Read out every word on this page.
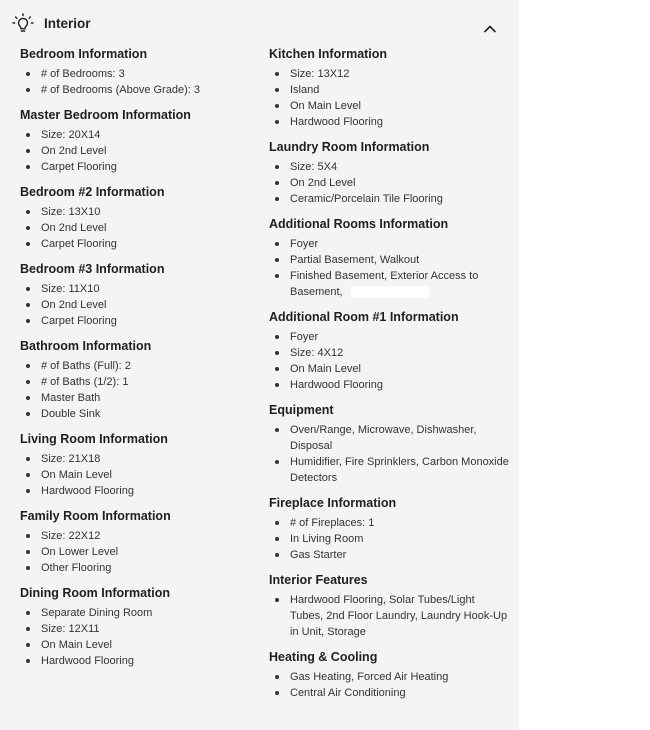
Interior
Bedroom Information
# of Bedrooms: 3
# of Bedrooms (Above Grade): 3
Master Bedroom Information
Size: 20X14
On 2nd Level
Carpet Flooring
Bedroom #2 Information
Size: 13X10
On 2nd Level
Carpet Flooring
Bedroom #3 Information
Size: 11X10
On 2nd Level
Carpet Flooring
Bathroom Information
# of Baths (Full): 2
# of Baths (1/2): 1
Master Bath
Double Sink
Living Room Information
Size: 21X18
On Main Level
Hardwood Flooring
Family Room Information
Size: 22X12
On Lower Level
Other Flooring
Dining Room Information
Separate Dining Room
Size: 12X11
On Main Level
Hardwood Flooring
Kitchen Information
Size: 13X12
Island
On Main Level
Hardwood Flooring
Laundry Room Information
Size: 5X4
On 2nd Level
Ceramic/Porcelain Tile Flooring
Additional Rooms Information
Foyer
Partial Basement, Walkout
Finished Basement, Exterior Access to Basement,
Additional Room #1 Information
Foyer
Size: 4X12
On Main Level
Hardwood Flooring
Equipment
Oven/Range, Microwave, Dishwasher, Disposal
Humidifier, Fire Sprinklers, Carbon Monoxide Detectors
Fireplace Information
# of Fireplaces: 1
In Living Room
Gas Starter
Interior Features
Hardwood Flooring, Solar Tubes/Light Tubes, 2nd Floor Laundry, Laundry Hook-Up in Unit, Storage
Heating & Cooling
Gas Heating, Forced Air Heating
Central Air Conditioning
